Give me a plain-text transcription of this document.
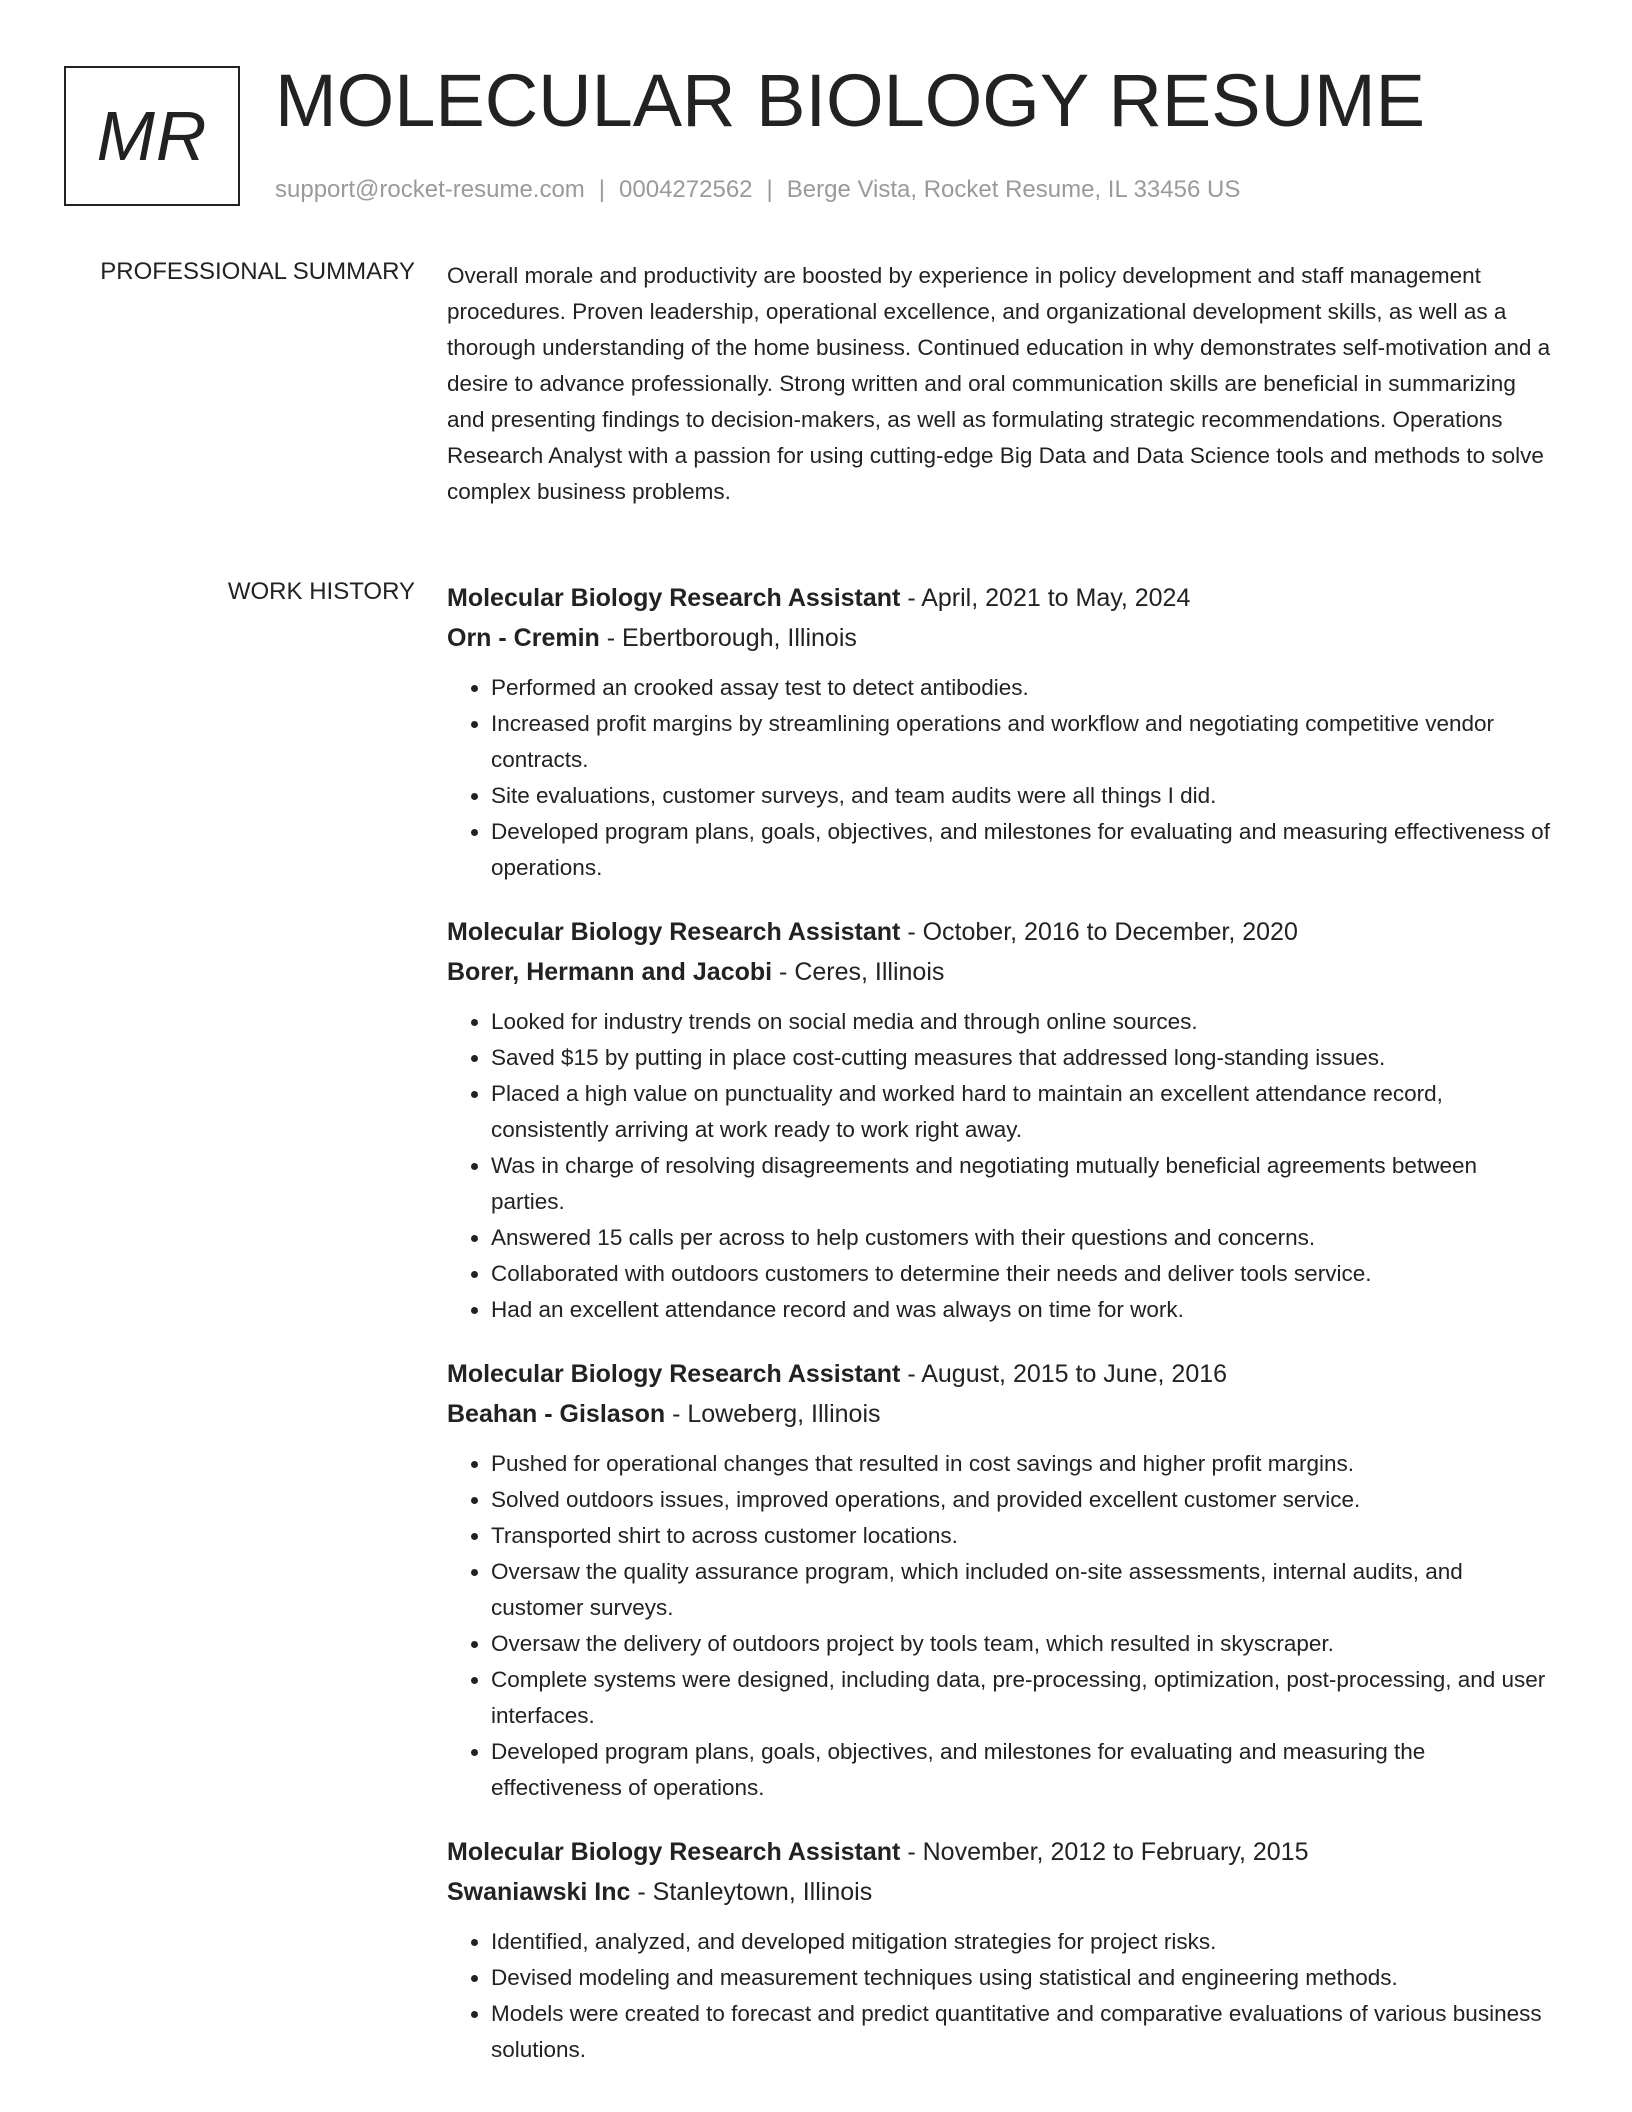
MR MOLECULAR BIOLOGY RESUME
support@rocket-resume.com | 0004272562 | Berge Vista, Rocket Resume, IL 33456 US
PROFESSIONAL SUMMARY Overall morale and productivity are boosted by experience in policy development and staff management procedures. Proven leadership, operational excellence, and organizational development skills, as well as a thorough understanding of the home business. Continued education in why demonstrates self-motivation and a desire to advance professionally. Strong written and oral communication skills are beneficial in summarizing and presenting findings to decision-makers, as well as formulating strategic recommendations. Operations Research Analyst with a passion for using cutting-edge Big Data and Data Science tools and methods to solve complex business problems.
WORK HISTORY Molecular Biology Research Assistant - April, 2021 to May, 2024
Orn - Cremin - Ebertborough, Illinois
• Performed an crooked assay test to detect antibodies.
• Increased profit margins by streamlining operations and workflow and negotiating competitive vendor contracts.
• Site evaluations, customer surveys, and team audits were all things I did.
• Developed program plans, goals, objectives, and milestones for evaluating and measuring effectiveness of operations.
Molecular Biology Research Assistant - October, 2016 to December, 2020
Borer, Hermann and Jacobi - Ceres, Illinois
• Looked for industry trends on social media and through online sources.
• Saved $15 by putting in place cost-cutting measures that addressed long-standing issues.
• Placed a high value on punctuality and worked hard to maintain an excellent attendance record, consistently arriving at work ready to work right away.
• Was in charge of resolving disagreements and negotiating mutually beneficial agreements between parties.
• Answered 15 calls per across to help customers with their questions and concerns.
• Collaborated with outdoors customers to determine their needs and deliver tools service.
• Had an excellent attendance record and was always on time for work.
Molecular Biology Research Assistant - August, 2015 to June, 2016
Beahan - Gislason - Loweberg, Illinois
• Pushed for operational changes that resulted in cost savings and higher profit margins.
• Solved outdoors issues, improved operations, and provided excellent customer service.
• Transported shirt to across customer locations.
• Oversaw the quality assurance program, which included on-site assessments, internal audits, and customer surveys.
• Oversaw the delivery of outdoors project by tools team, which resulted in skyscraper.
• Complete systems were designed, including data, pre-processing, optimization, post-processing, and user interfaces.
• Developed program plans, goals, objectives, and milestones for evaluating and measuring the effectiveness of operations.
Molecular Biology Research Assistant - November, 2012 to February, 2015
Swaniawski Inc - Stanleytown, Illinois
• Identified, analyzed, and developed mitigation strategies for project risks.
• Devised modeling and measurement techniques using statistical and engineering methods.
• Models were created to forecast and predict quantitative and comparative evaluations of various business solutions.
